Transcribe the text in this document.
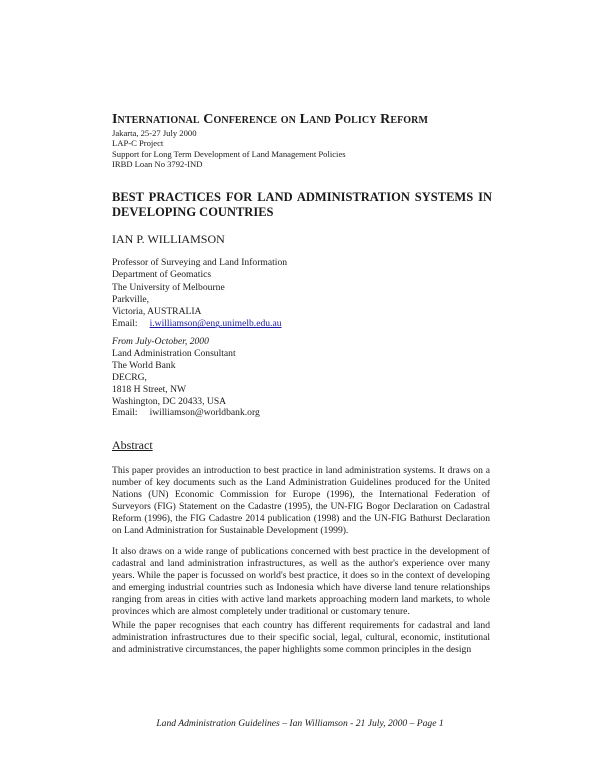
International Conference on Land Policy Reform
Jakarta, 25-27 July 2000
LAP-C Project
Support for Long Term Development of Land Management Policies
IRBD Loan No 3792-IND
BEST PRACTICES FOR LAND ADMINISTRATION SYSTEMS IN DEVELOPING COUNTRIES
IAN P. WILLIAMSON
Professor of Surveying and Land Information
Department of Geomatics
The University of Melbourne
Parkville,
Victoria, AUSTRALIA
Email: i.williamson@eng.unimelb.edu.au
From July-October, 2000
Land Administration Consultant
The World Bank
DECRG,
1818 H Street, NW
Washington, DC 20433, USA
Email: iwilliamson@worldbank.org
Abstract

This paper provides an introduction to best practice in land administration systems. It draws on a number of key documents such as the Land Administration Guidelines produced for the United Nations (UN) Economic Commission for Europe (1996), the International Federation of Surveyors (FIG) Statement on the Cadastre (1995), the UN-FIG Bogor Declaration on Cadastral Reform (1996), the FIG Cadastre 2014 publication (1998) and the UN-FIG Bathurst Declaration on Land Administration for Sustainable Development (1999).

It also draws on a wide range of publications concerned with best practice in the development of cadastral and land administration infrastructures, as well as the author's experience over many years. While the paper is focussed on world's best practice, it does so in the context of developing and emerging industrial countries such as Indonesia which have diverse land tenure relationships ranging from areas in cities with active land markets approaching modern land markets, to whole provinces which are almost completely under traditional or customary tenure.

While the paper recognises that each country has different requirements for cadastral and land administration infrastructures due to their specific social, legal, cultural, economic, institutional and administrative circumstances, the paper highlights some common principles in the design

Land Administration Guidelines – Ian Williamson - 21 July, 2000 – Page 1
